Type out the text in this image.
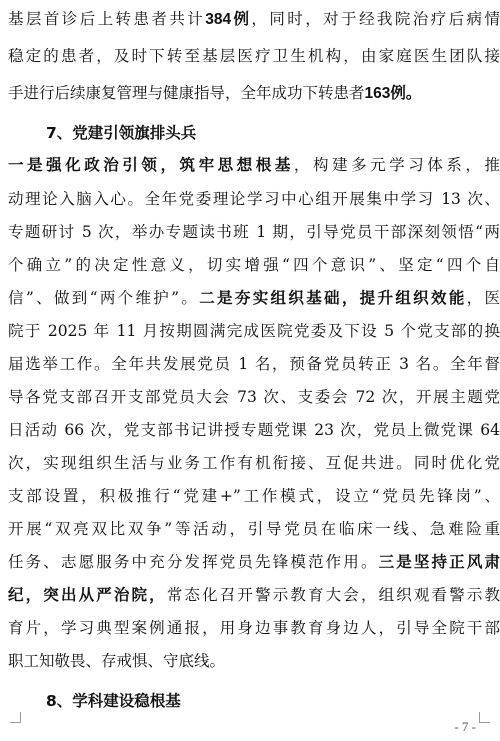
基层首诊后上转患者共计384例，同时，对于经我院治疗后病情
稳定的患者，及时下转至基层医疗卫生机构，由家庭医生团队接
手进行后续康复管理与健康指导，全年成功下转患者163例。
7、党建引领旗排头兵
一是强化政治引领，筑牢思想根基，构建多元学习体系，推
动理论入脑入心。全年党委理论学习中心组开展集中学习 13 次、
专题研讨 5 次，举办专题读书班 1 期，引导党员干部深刻领悟“两
个确立”的决定性意义，切实增强“四个意识”、坚定“四个自
信”、做到“两个维护”。二是夯实组织基础，提升组织效能，医
院于 2025 年 11 月按期圆满完成医院党委及下设 5 个党支部的换
届选举工作。全年共发展党员 1 名，预备党员转正 3 名。全年督
导各党支部召开支部党员大会 73 次、支委会 72 次，开展主题党
日活动 66 次，党支部书记讲授专题党课 23 次，党员上微党课 64
次，实现组织生活与业务工作有机衔接、互促共进。同时优化党
支部设置，积极推行“党建+”工作模式，设立“党员先锋岗”、
开展“双亮双比双争”等活动，引导党员在临床一线、急难险重
任务、志愿服务中充分发挥党员先锋模范作用。三是坚持正风肃
纪，突出从严治院，常态化召开警示教育大会，组织观看警示教
育片，学习典型案例通报，用身边事教育身边人，引导全院干部
职工知敬畏、存戒惧、守底线。
8、学科建设稳根基
- 7 -
